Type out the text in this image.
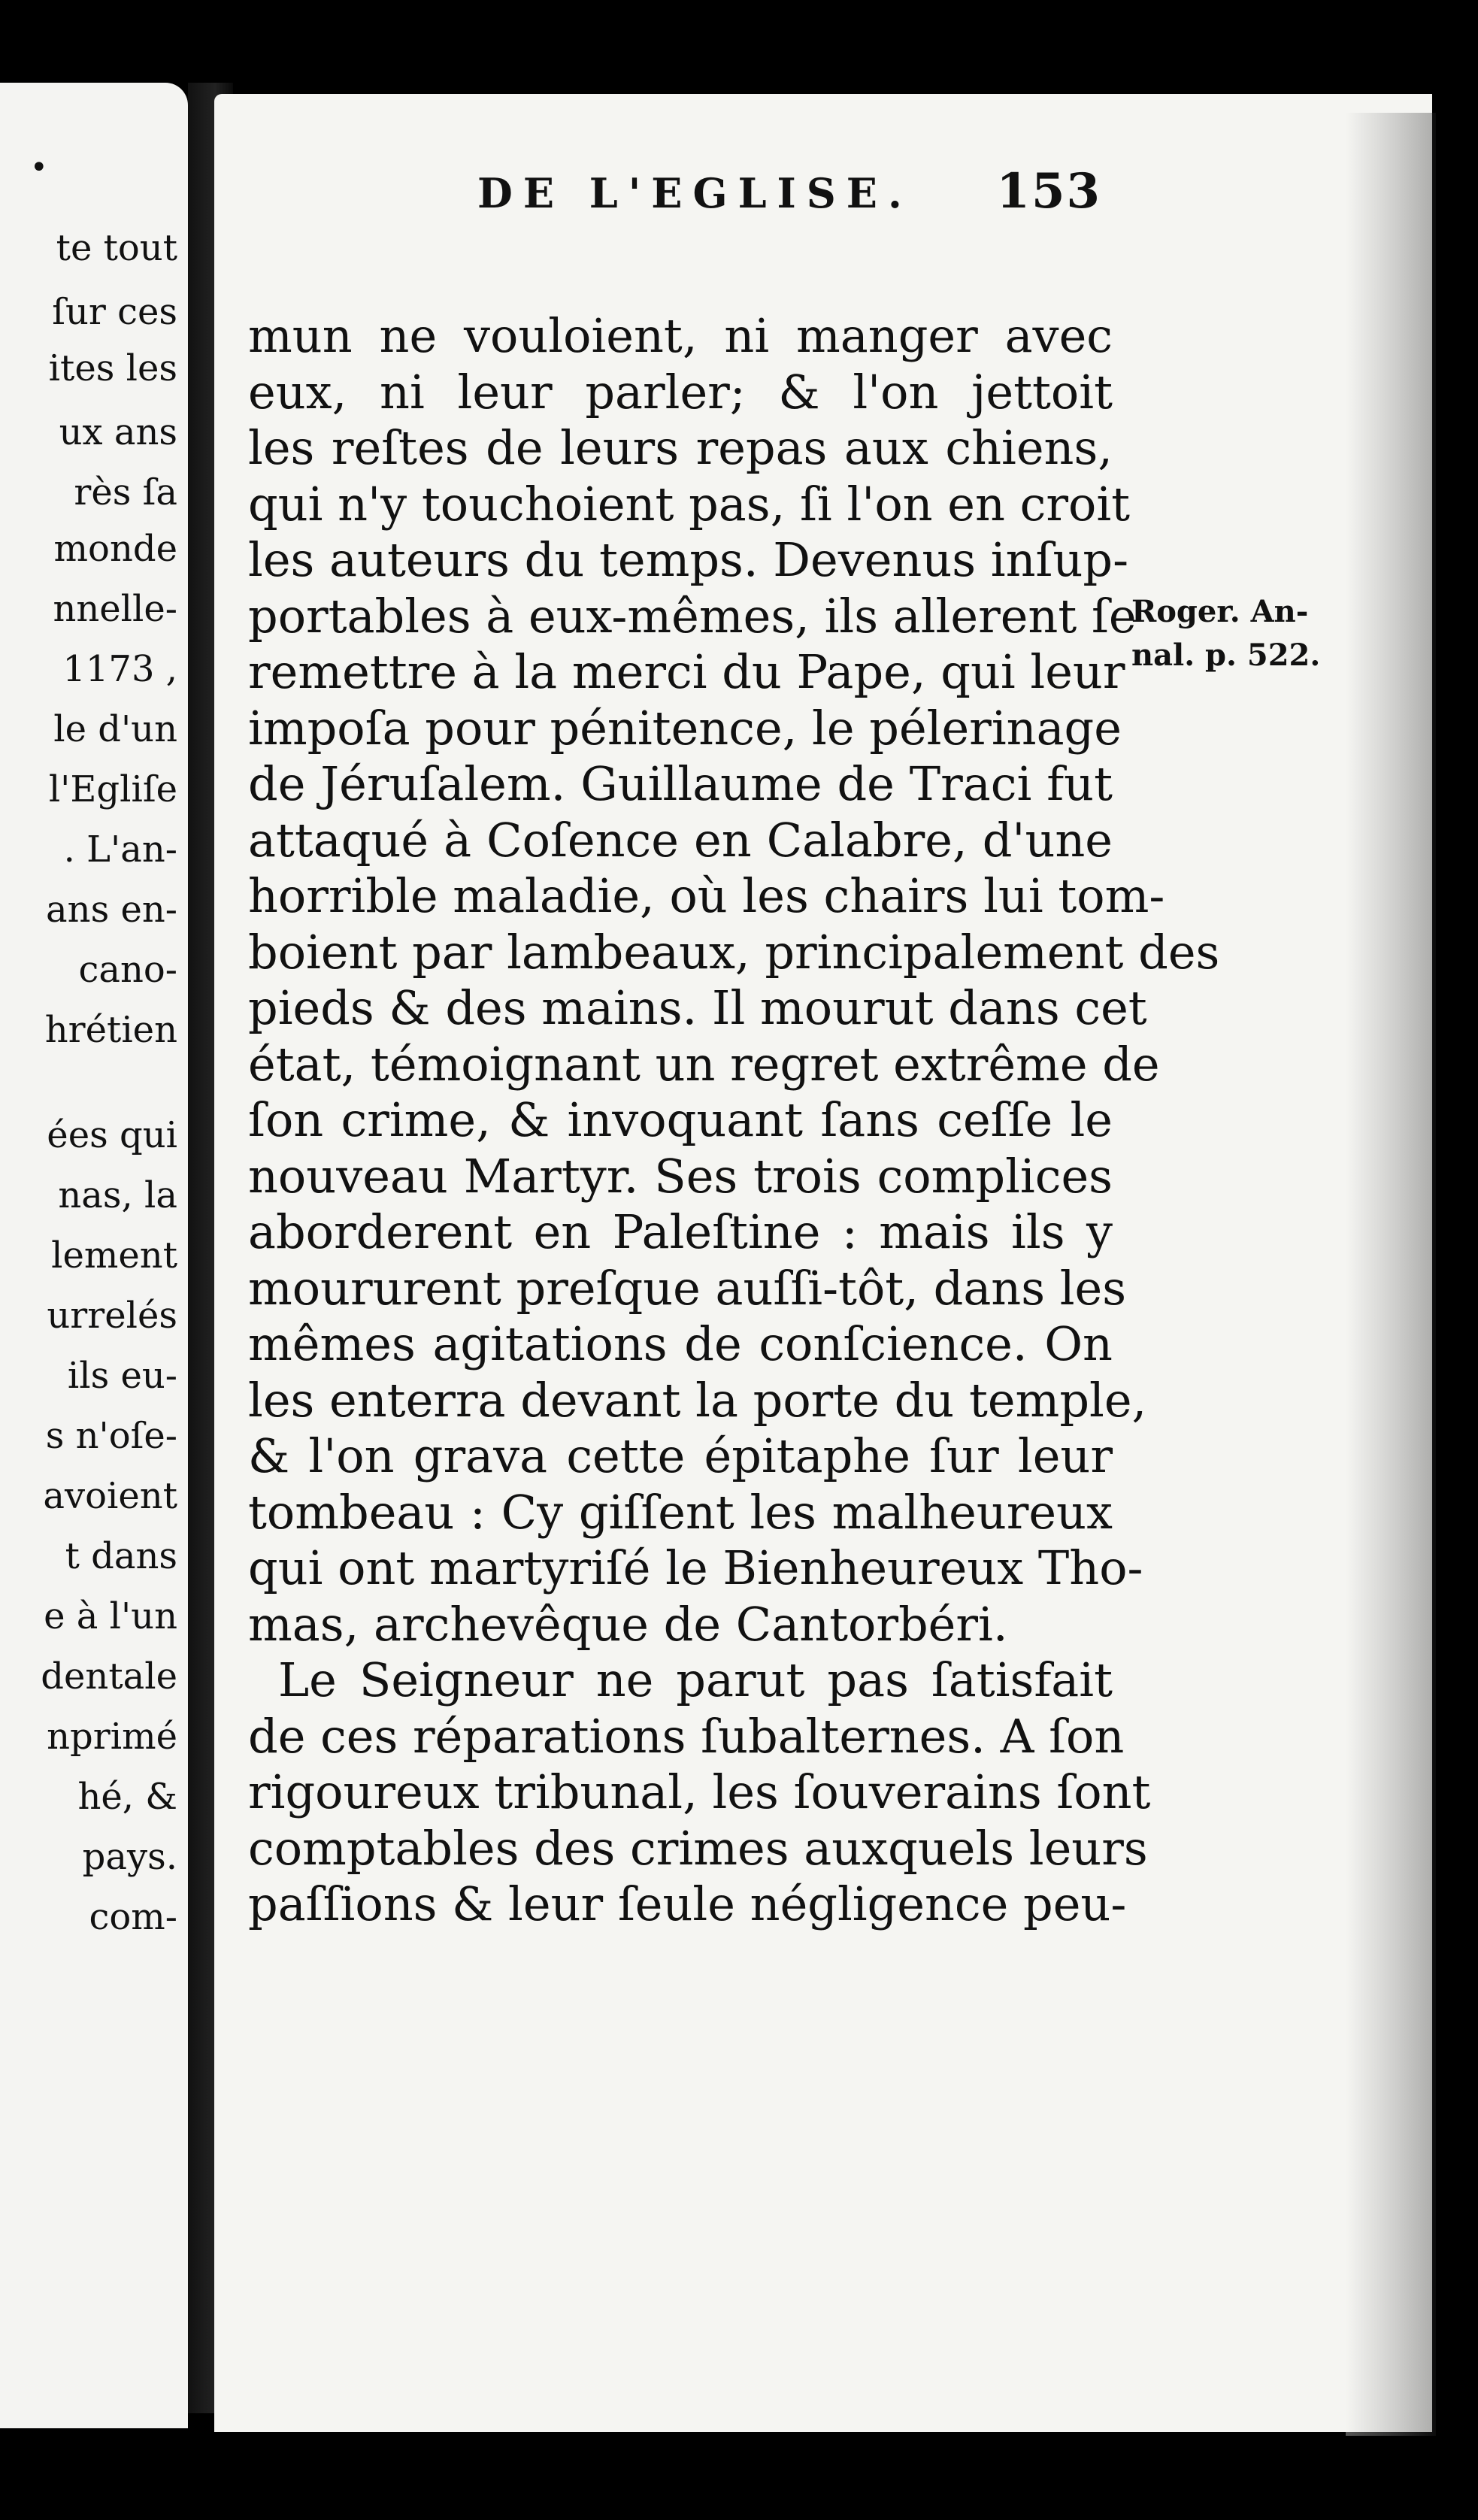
•
te tout
ſur ces
ites les
ux ans
rès ſa
monde
nnelle-
1173 ,
le d'un
l'Egliſe
. L'an-
ans en-
cano-
hrétien
ées qui
nas, la
lement
urrelés
ils eu-
s n'oſe-
avoient
t dans
e à l'un
dentale
nprimé
hé, &
pays.
com-
DE L'EGLISE. 153
mun ne vouloient, ni manger avec
eux, ni leur parler; & l'on jettoit
les reſtes de leurs repas aux chiens,
qui n'y touchoient pas, ſi l'on en croit
les auteurs du temps. Devenus inſup-
portables à eux-mêmes, ils allerent ſe
remettre à la merci du Pape, qui leur
impoſa pour pénitence, le pélerinage
de Jéruſalem. Guillaume de Traci fut
attaqué à Coſence en Calabre, d'une
horrible maladie, où les chairs lui tom-
boient par lambeaux, principalement des
pieds & des mains. Il mourut dans cet
état, témoignant un regret extrême de
ſon crime, & invoquant ſans ceſſe le
nouveau Martyr. Ses trois complices
aborderent en Paleſtine : mais ils y
moururent preſque auſſi-tôt, dans les
mêmes agitations de conſcience. On
les enterra devant la porte du temple,
& l'on grava cette épitaphe ſur leur
tombeau : Cy giſſent les malheureux
qui ont martyriſé le Bienheureux Tho-
mas, archevêque de Cantorbéri.
Le Seigneur ne parut pas ſatisfait
de ces réparations ſubalternes. A ſon
rigoureux tribunal, les ſouverains ſont
comptables des crimes auxquels leurs
paſſions & leur ſeule négligence peu-
Roger. An-
nal. p. 522.
